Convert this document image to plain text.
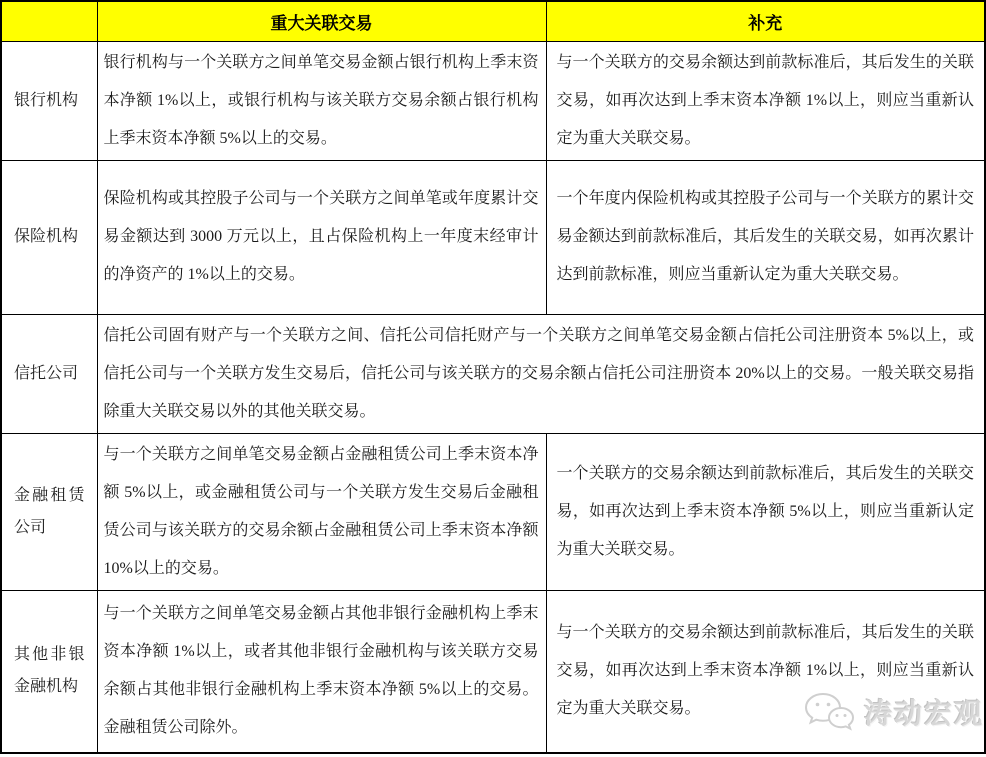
	重大关联交易	补充
银行机构	银行机构与一个关联方之间单笔交易金额占银行机构上季末资本净额 1%以上，或银行机构与该关联方交易余额占银行机构上季末资本净额 5%以上的交易。	与一个关联方的交易余额达到前款标准后，其后发生的关联交易，如再次达到上季末资本净额 1%以上，则应当重新认定为重大关联交易。
保险机构	保险机构或其控股子公司与一个关联方之间单笔或年度累计交易金额达到 3000 万元以上，且占保险机构上一年度末经审计的净资产的 1%以上的交易。	一个年度内保险机构或其控股子公司与一个关联方的累计交易金额达到前款标准后，其后发生的关联交易，如再次累计达到前款标准，则应当重新认定为重大关联交易。
信托公司	信托公司固有财产与一个关联方之间、信托公司信托财产与一个关联方之间单笔交易金额占信托公司注册资本 5%以上，或信托公司与一个关联方发生交易后，信托公司与该关联方的交易余额占信托公司注册资本 20%以上的交易。一般关联交易指除重大关联交易以外的其他关联交易。	
金融租赁公司	与一个关联方之间单笔交易金额占金融租赁公司上季末资本净额 5%以上，或金融租赁公司与一个关联方发生交易后金融租赁公司与该关联方的交易余额占金融租赁公司上季末资本净额 10%以上的交易。	一个关联方的交易余额达到前款标准后，其后发生的关联交易，如再次达到上季末资本净额 5%以上，则应当重新认定为重大关联交易。
其他非银金融机构	与一个关联方之间单笔交易金额占其他非银行金融机构上季末资本净额 1%以上，或者其他非银行金融机构与该关联方交易余额占其他非银行金融机构上季末资本净额 5%以上的交易。金融租赁公司除外。	与一个关联方的交易余额达到前款标准后，其后发生的关联交易，如再次达到上季末资本净额 1%以上，则应当重新认定为重大关联交易。	涛动宏观
